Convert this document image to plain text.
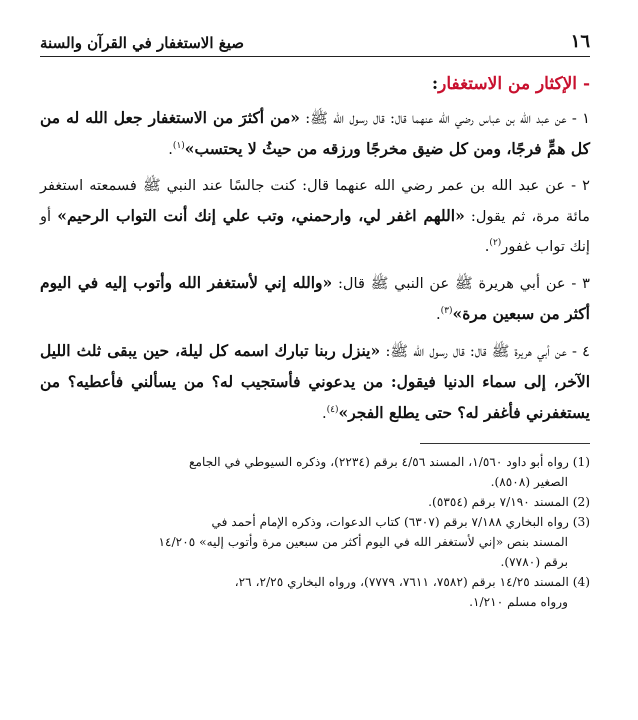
١٦
صيغ الاستغفار في القرآن والسنة
- الإكثار من الاستغفار:
١ - عن عبد الله بن عباس رضي الله عنهما قال: قال رسول الله ﷺ: «من أكثرَ من الاستغفار جعل الله له من كل همٍّ فرجًا، ومن كل ضيق مخرجًا ورزقه من حيثُ لا يحتسب»$^{(١)}$.
٢ - عن عبد الله بن عمر رضي الله عنهما قال: كنت جالسًا عند النبي ﷺ فسمعته استغفر مائة مرة، ثم يقول: «اللهم اغفر لي، وارحمني، وتب علي إنك أنت التواب الرحيم» أو إنك تواب غفور$^{(٢)}$.
٣ - عن أبي هريرة ﷺ عن النبي ﷺ قال: «والله إني لأستغفر الله وأتوب إليه في اليوم أكثر من سبعين مرة»$^{(٣)}$.
٤ - عن أبي هريرة ﷺ قال: قال رسول الله ﷺ: «ينزل ربنا تبارك اسمه كل ليلة، حين يبقى ثلث الليل الآخر، إلى سماء الدنيا فيقول: من يدعوني فأستجيب له؟ من يسألني فأعطيه؟ من يستغفرني فأغفر له؟ حتى يطلع الفجر»$^{(٤)}$.
(1) رواه أبو داود ١/٥٦٠، المسند ٤/٥٦ برقم (٢٢٣٤)، وذكره السيوطي في الجامع
الصغير (٨٥٠٨).
(2) المسند ٧/١٩٠ برقم (٥٣٥٤).
(3) رواه البخاري ٧/١٨٨ برقم (٦٣٠٧) كتاب الدعوات، وذكره الإمام أحمد في
المسند بنص «إني لأستغفر الله في اليوم أكثر من سبعين مرة وأتوب إليه» ١٤/٢٠٥
برقم (٧٧٨٠).
(4) المسند ١٤/٢٥ برقم (٧٥٨٢، ٧٦١١، ٧٧٧٩)، ورواه البخاري ٢/٢٥، ٢٦،
ورواه مسلم ١/٢١٠.
